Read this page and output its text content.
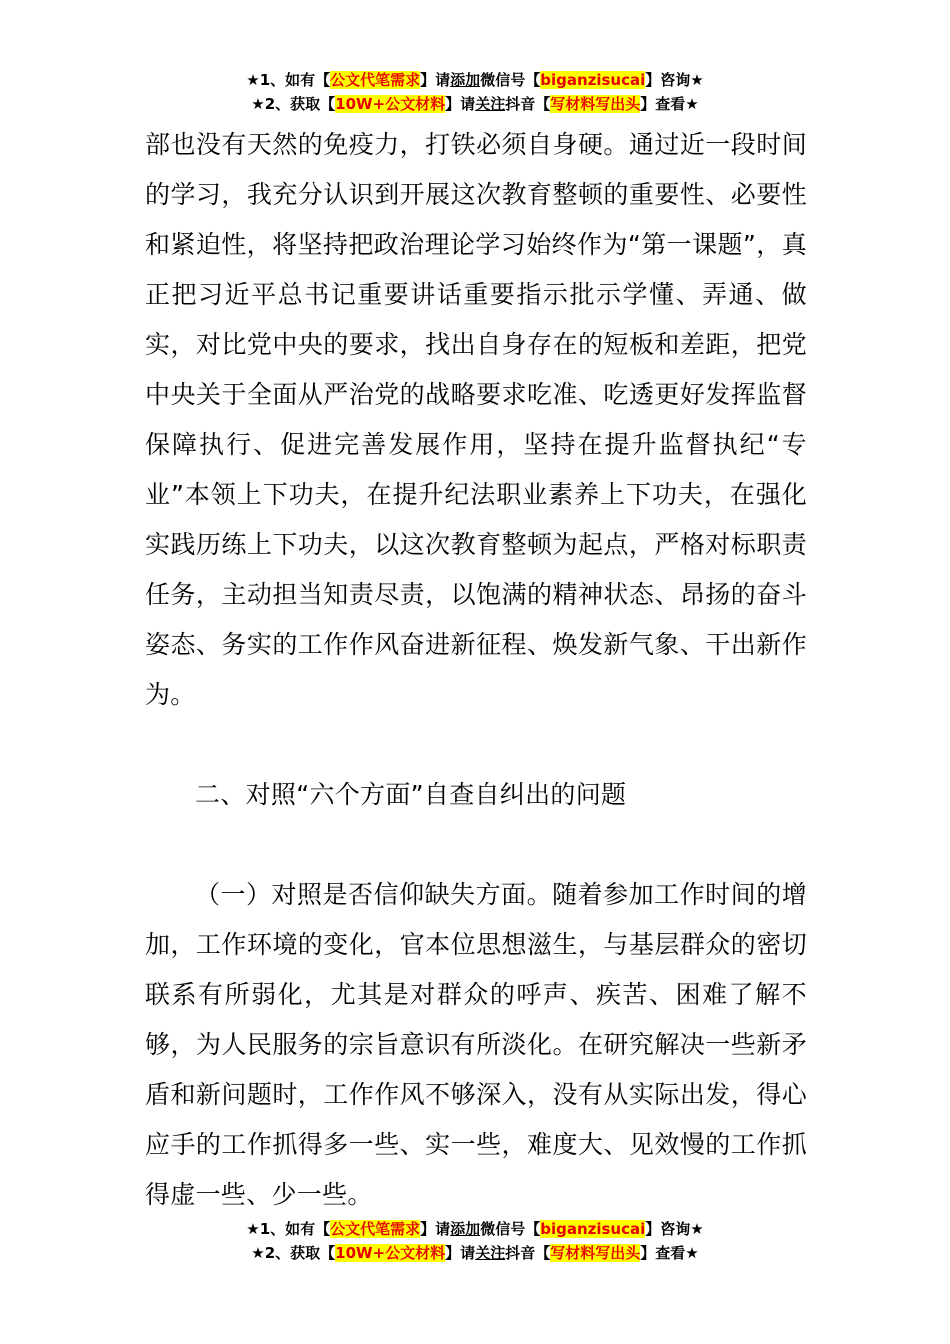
★1、如有【公文代笔需求】请添加微信号【biganzisucai】咨询★
★2、获取【10W+公文材料】请关注抖音【写材料写出头】查看★

部也没有天然的免疫力，打铁必须自身硬。通过近一段时间的学习，我充分认识到开展这次教育整顿的重要性、必要性和紧迫性，将坚持把政治理论学习始终作为“第一课题”，真正把习近平总书记重要讲话重要指示批示学懂、弄通、做实，对比党中央的要求，找出自身存在的短板和差距，把党中央关于全面从严治党的战略要求吃准、吃透更好发挥监督保障执行、促进完善发展作用，坚持在提升监督执纪“专业”本领上下功夫，在提升纪法职业素养上下功夫，在强化实践历练上下功夫，以这次教育整顿为起点，严格对标职责任务，主动担当知责尽责，以饱满的精神状态、昂扬的奋斗姿态、务实的工作作风奋进新征程、焕发新气象、干出新作为。

二、对照“六个方面”自查自纠出的问题

（一）对照是否信仰缺失方面。随着参加工作时间的增加，工作环境的变化，官本位思想滋生，与基层群众的密切联系有所弱化，尤其是对群众的呼声、疾苦、困难了解不够，为人民服务的宗旨意识有所淡化。在研究解决一些新矛盾和新问题时，工作作风不够深入，没有从实际出发，得心应手的工作抓得多一些、实一些，难度大、见效慢的工作抓得虚一些、少一些。

★1、如有【公文代笔需求】请添加微信号【biganzisucai】咨询★
★2、获取【10W+公文材料】请关注抖音【写材料写出头】查看★
